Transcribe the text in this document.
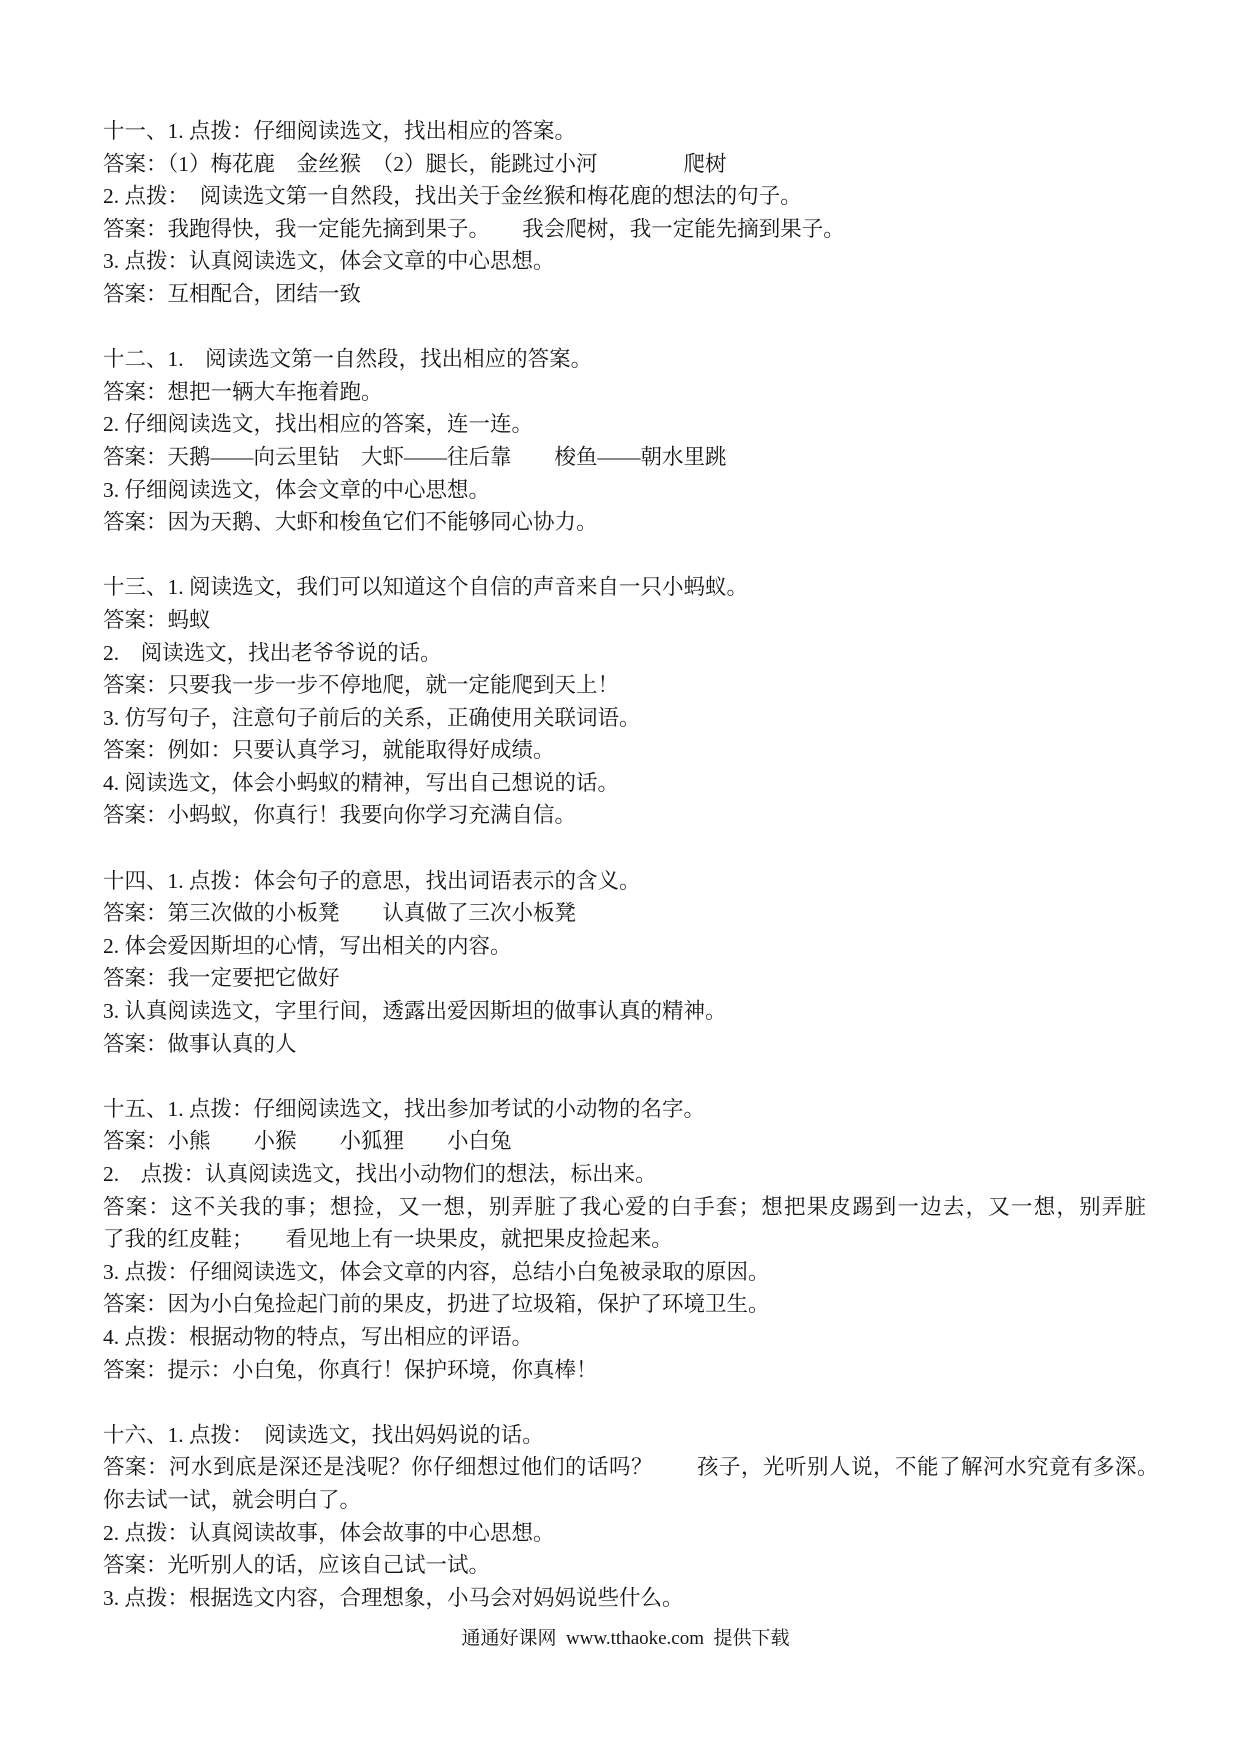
十一、1. 点拨：仔细阅读选文，找出相应的答案。
答案：（1）梅花鹿　金丝猴　（2）腿长，能跳过小河　　　　爬树
2. 点拨：　阅读选文第一自然段，找出关于金丝猴和梅花鹿的想法的句子。
答案：我跑得快，我一定能先摘到果子。　　我会爬树，我一定能先摘到果子。
3. 点拨：认真阅读选文，体会文章的中心思想。
答案：互相配合，团结一致
十二、1.　阅读选文第一自然段，找出相应的答案。
答案：想把一辆大车拖着跑。
2. 仔细阅读选文，找出相应的答案，连一连。
答案：天鹅——向云里钻　大虾——往后靠　　梭鱼——朝水里跳
3. 仔细阅读选文，体会文章的中心思想。
答案：因为天鹅、大虾和梭鱼它们不能够同心协力。
十三、1. 阅读选文，我们可以知道这个自信的声音来自一只小蚂蚁。
答案：蚂蚁
2.　阅读选文，找出老爷爷说的话。
答案：只要我一步一步不停地爬，就一定能爬到天上！
3. 仿写句子，注意句子前后的关系，正确使用关联词语。
答案：例如：只要认真学习，就能取得好成绩。
4. 阅读选文，体会小蚂蚁的精神，写出自己想说的话。
答案：小蚂蚁，你真行！我要向你学习充满自信。
十四、1. 点拨：体会句子的意思，找出词语表示的含义。
答案：第三次做的小板凳　　认真做了三次小板凳
2. 体会爱因斯坦的心情，写出相关的内容。
答案：我一定要把它做好
3. 认真阅读选文，字里行间，透露出爱因斯坦的做事认真的精神。
答案：做事认真的人
十五、1. 点拨：仔细阅读选文，找出参加考试的小动物的名字。
答案：小熊　　小猴　　小狐狸　　小白兔
2.　点拨：认真阅读选文，找出小动物们的想法，标出来。
答案：这不关我的事；想捡，又一想，别弄脏了我心爱的白手套；想把果皮踢到一边去，又一想，别弄脏
了我的红皮鞋；　　看见地上有一块果皮，就把果皮捡起来。
3. 点拨：仔细阅读选文，体会文章的内容，总结小白兔被录取的原因。
答案：因为小白兔捡起门前的果皮，扔进了垃圾箱，保护了环境卫生。
4. 点拨：根据动物的特点，写出相应的评语。
答案：提示：小白兔，你真行！保护环境，你真棒！
十六、1. 点拨：　阅读选文，找出妈妈说的话。
答案：河水到底是深还是浅呢？你仔细想过他们的话吗？　　孩子，光听别人说，不能了解河水究竟有多深。
你去试一试，就会明白了。
2. 点拨：认真阅读故事，体会故事的中心思想。
答案：光听别人的话，应该自己试一试。
3. 点拨：根据选文内容，合理想象，小马会对妈妈说些什么。
通通好课网  www.tthaoke.com  提供下载
